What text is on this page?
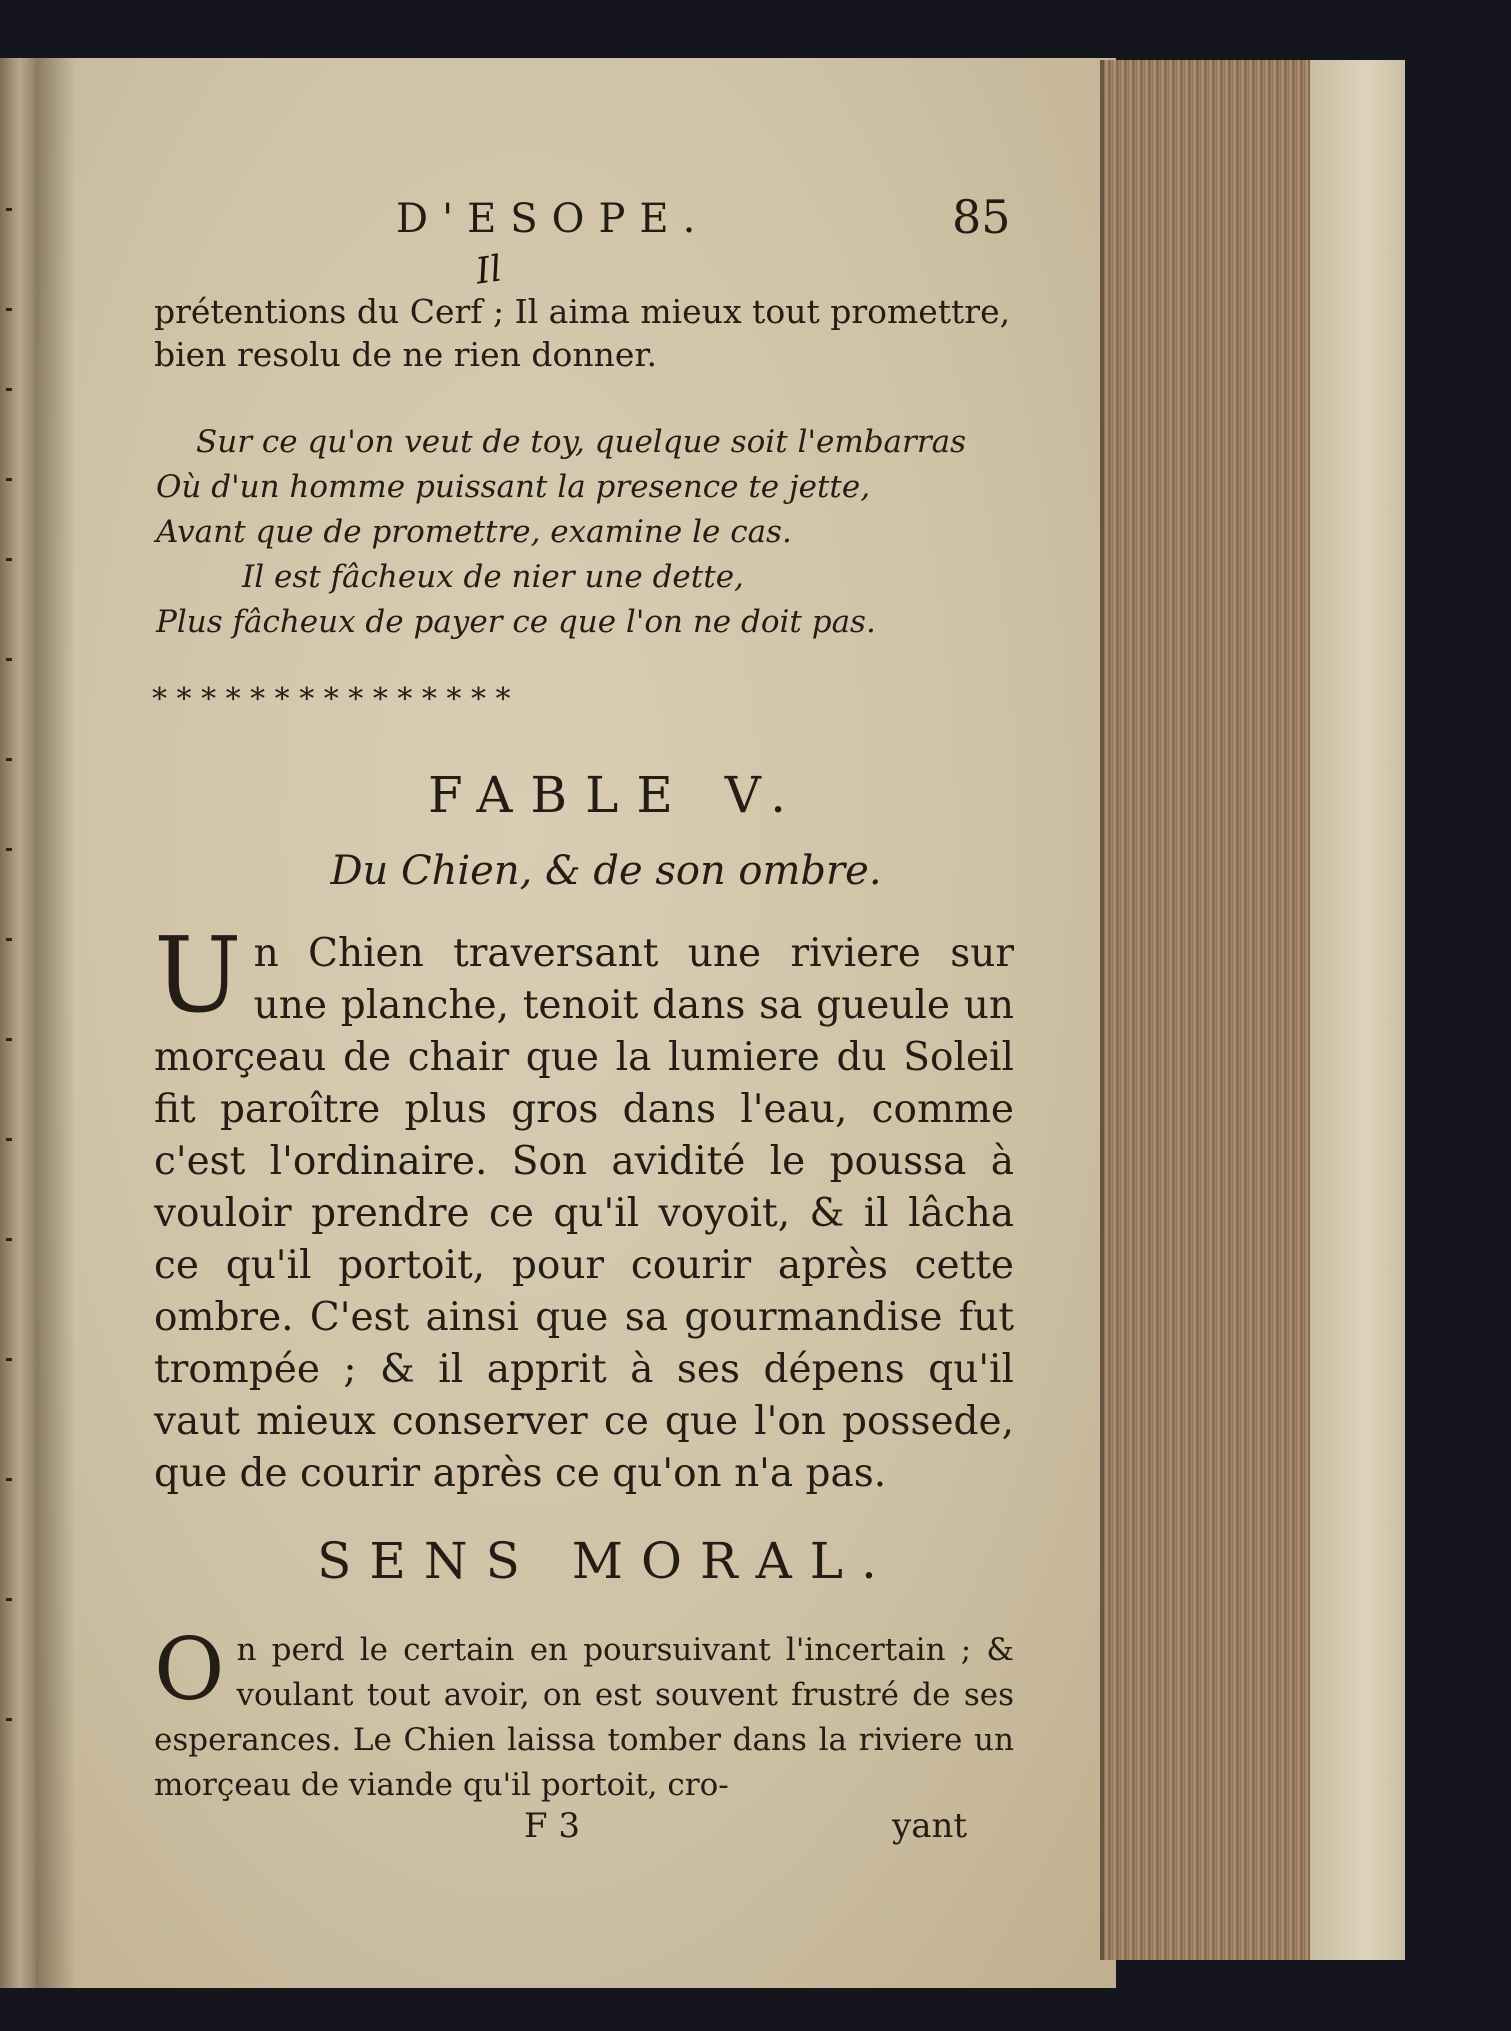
D'ESOPE.	85
Il
prétentions du Cerf ; Il aima mieux tout promettre,
bien resolu de ne rien donner.
Sur ce qu'on veut de toy, quelque soit l'embarras
Où d'un homme puissant la presence te jette,
Avant que de promettre, examine le cas.
Il est fâcheux de nier une dette,
Plus fâcheux de payer ce que l'on ne doit pas.
* * * * * * * * * * * * * * *
FABLE V.
Du Chien, & de son ombre.
Un Chien traversant une riviere sur une planche, tenoit dans sa gueule un morçeau de chair que la lumiere du Soleil fit paroître plus gros dans l'eau, comme c'est l'ordinaire. Son avidité le poussa à vouloir prendre ce qu'il voyoit, & il lâcha ce qu'il portoit, pour courir après cette ombre. C'est ainsi que sa gourmandise fut trompée ; & il apprit à ses dépens qu'il vaut mieux conserver ce que l'on possede, que de courir après ce qu'on n'a pas.
SENS MORAL.
On perd le certain en poursuivant l'incertain ; & voulant tout avoir, on est souvent frustré de ses esperances. Le Chien laissa tomber dans la riviere un morçeau de viande qu'il portoit, cro-
F 3	yant
